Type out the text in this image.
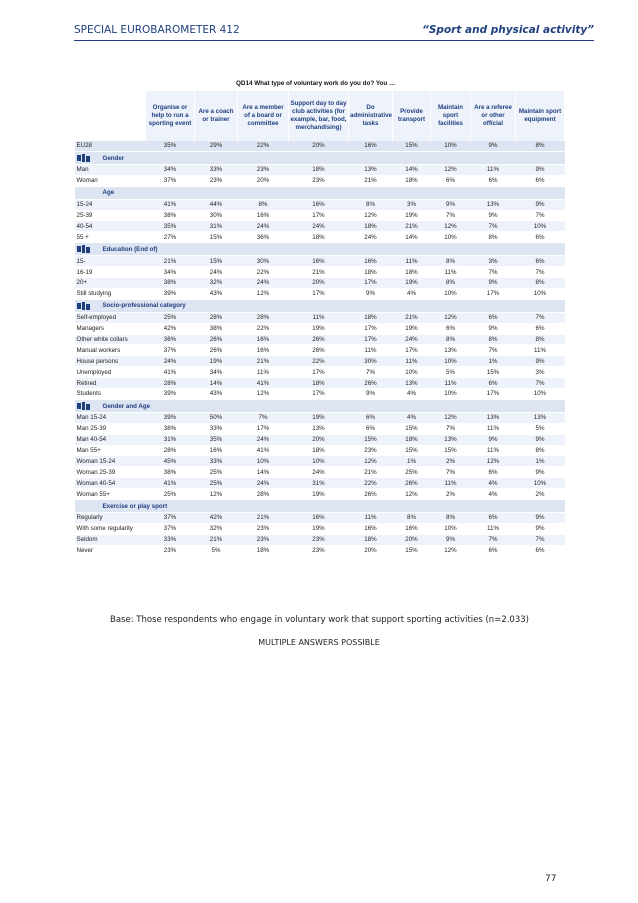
SPECIAL EUROBAROMETER 412	“Sport and physical activity”
QD14 What type of voluntary work do you do? You …
	Organise or help to run a sporting event	Are a coach or trainer	Are a member of a board or committee	Support day to day club activities (for example, bar, food, merchandising)	Do administrative tasks	Provide transport	Maintain sport facilities	Are a referee or other official	Maintain sport equipment
EU28	35%	29%	22%	20%	16%	15%	10%	9%	8%

Gender									
Man	34%	33%	23%	18%	13%	14%	12%	11%	9%
Woman	37%	23%	20%	23%	21%	18%	6%	6%	6%
Age									
15-24	41%	44%	8%	16%	8%	3%	9%	13%	9%
25-39	38%	30%	16%	17%	12%	19%	7%	9%	7%
40-54	35%	31%	24%	24%	18%	21%	12%	7%	10%
55 +	27%	15%	36%	18%	24%	14%	10%	8%	6%

Education (End of)									
15-	21%	15%	30%	16%	16%	11%	8%	3%	6%
16-19	34%	24%	22%	21%	18%	18%	11%	7%	7%
20+	38%	32%	24%	20%	17%	19%	8%	9%	8%
Still studying	39%	43%	12%	17%	9%	4%	10%	17%	10%

Socio-professional category									
Self-employed	25%	28%	28%	11%	18%	21%	12%	6%	7%
Managers	42%	38%	22%	19%	17%	19%	6%	9%	6%
Other white collars	36%	26%	16%	26%	17%	24%	8%	8%	8%
Manual workers	37%	26%	16%	26%	11%	17%	13%	7%	11%
House persons	24%	19%	21%	22%	30%	11%	10%	1%	9%
Unemployed	41%	34%	11%	17%	7%	10%	5%	15%	3%
Retired	28%	14%	41%	18%	26%	13%	11%	6%	7%
Students	39%	43%	12%	17%	9%	4%	10%	17%	10%

Gender and Age									
Man 15-24	39%	50%	7%	19%	6%	4%	12%	13%	13%
Man 25-39	38%	33%	17%	13%	6%	15%	7%	11%	5%
Man 40-54	31%	35%	24%	20%	15%	18%	13%	9%	9%
Man 55+	28%	16%	41%	18%	23%	15%	15%	11%	8%
Woman 15-24	45%	33%	10%	10%	12%	1%	2%	12%	1%
Woman 25-39	38%	25%	14%	24%	21%	25%	7%	6%	9%
Woman 40-54	41%	25%	24%	31%	22%	26%	11%	4%	10%
Woman 55+	25%	12%	28%	19%	26%	12%	2%	4%	2%
Exercise or play sport									
Regularly	37%	42%	21%	16%	11%	8%	8%	6%	9%
With some regularity	37%	32%	23%	19%	16%	16%	10%	11%	9%
Seldom	33%	21%	23%	23%	18%	20%	9%	7%	7%
Never	23%	5%	18%	23%	20%	15%	12%	6%	6%
Base: Those respondents who engage in voluntary work that support sporting activities (n=2.033)
MULTIPLE ANSWERS POSSIBLE
77
